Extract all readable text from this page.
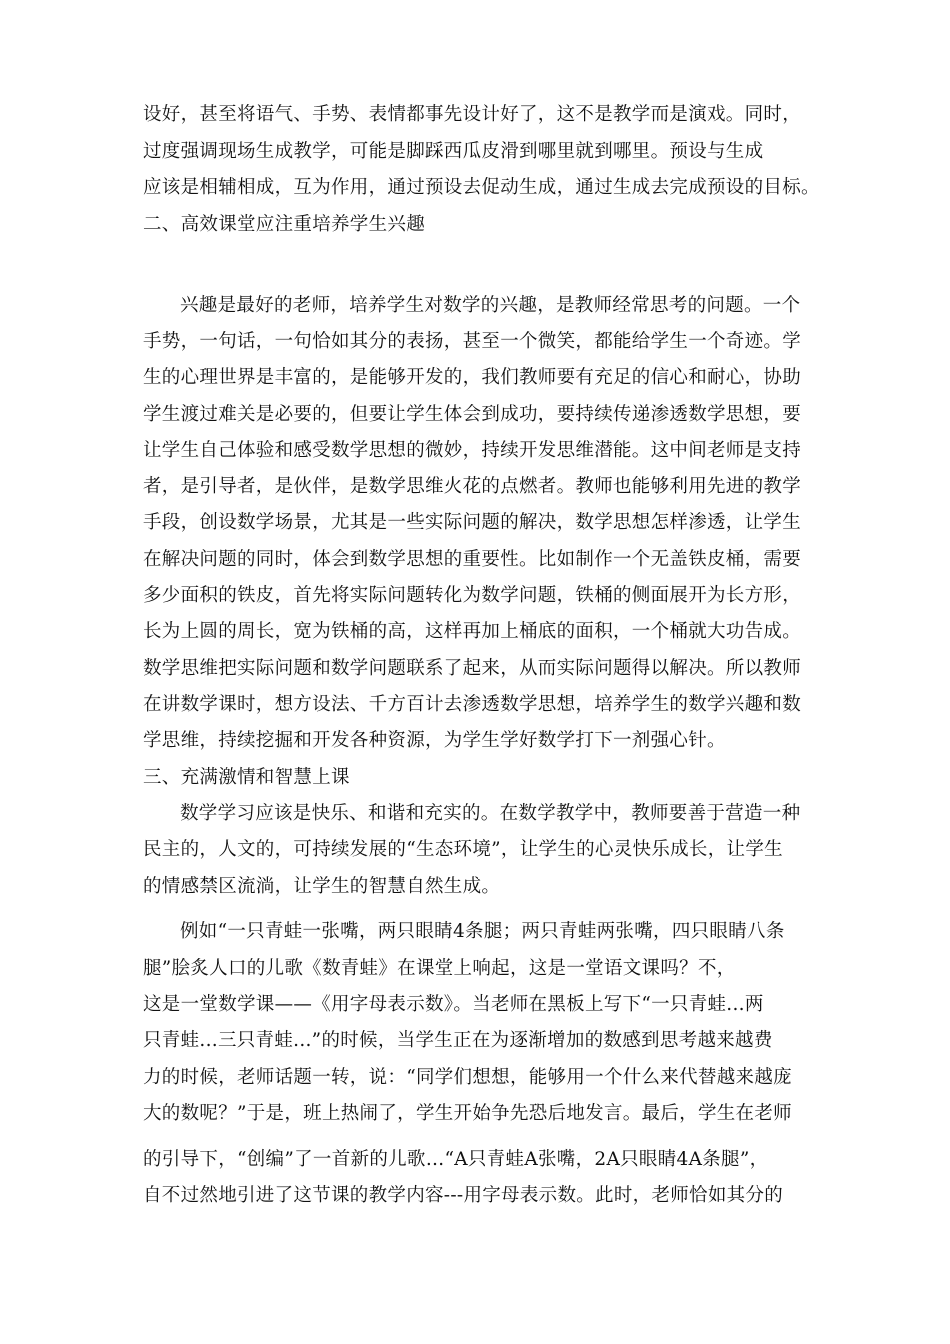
设好，甚至将语气、手势、表情都事先设计好了，这不是教学而是演戏。同时，
过度强调现场生成教学，可能是脚踩西瓜皮滑到哪里就到哪里。预设与生成
应该是相辅相成，互为作用，通过预设去促动生成，通过生成去完成预设的目标。
二、高效课堂应注重培养学生兴趣
兴趣是最好的老师，培养学生对数学的兴趣，是教师经常思考的问题。一个
手势，一句话，一句恰如其分的表扬，甚至一个微笑，都能给学生一个奇迹。学
生的心理世界是丰富的，是能够开发的，我们教师要有充足的信心和耐心，协助
学生渡过难关是必要的，但要让学生体会到成功，要持续传递渗透数学思想，要
让学生自己体验和感受数学思想的微妙，持续开发思维潜能。这中间老师是支持
者，是引导者，是伙伴，是数学思维火花的点燃者。教师也能够利用先进的教学
手段，创设数学场景，尤其是一些实际问题的解决，数学思想怎样渗透，让学生
在解决问题的同时，体会到数学思想的重要性。比如制作一个无盖铁皮桶，需要
多少面积的铁皮，首先将实际问题转化为数学问题，铁桶的侧面展开为长方形，
长为上圆的周长，宽为铁桶的高，这样再加上桶底的面积，一个桶就大功告成。
数学思维把实际问题和数学问题联系了起来，从而实际问题得以解决。所以教师
在讲数学课时，想方设法、千方百计去渗透数学思想，培养学生的数学兴趣和数
学思维，持续挖掘和开发各种资源，为学生学好数学打下一剂强心针。
三、充满激情和智慧上课
数学学习应该是快乐、和谐和充实的。在数学教学中，教师要善于营造一种
民主的，人文的，可持续发展的“生态环境”，让学生的心灵快乐成长，让学生
的情感禁区流淌，让学生的智慧自然生成。
例如“一只青蛙一张嘴，两只眼睛4条腿；两只青蛙两张嘴，四只眼睛八条
腿”脍炙人口的儿歌《数青蛙》在课堂上响起，这是一堂语文课吗？不，
这是一堂数学课——《用字母表示数》。当老师在黑板上写下“一只青蛙...两
只青蛙...三只青蛙...”的时候，当学生正在为逐渐增加的数感到思考越来越费
力的时候，老师话题一转，说：“同学们想想，能够用一个什么来代替越来越庞
大的数呢？”于是，班上热闹了，学生开始争先恐后地发言。最后，学生在老师
的引导下，“创编”了一首新的儿歌…“A只青蛙A张嘴，2A只眼睛4A条腿”，
自不过然地引进了这节课的教学内容---用字母表示数。此时，老师恰如其分的
